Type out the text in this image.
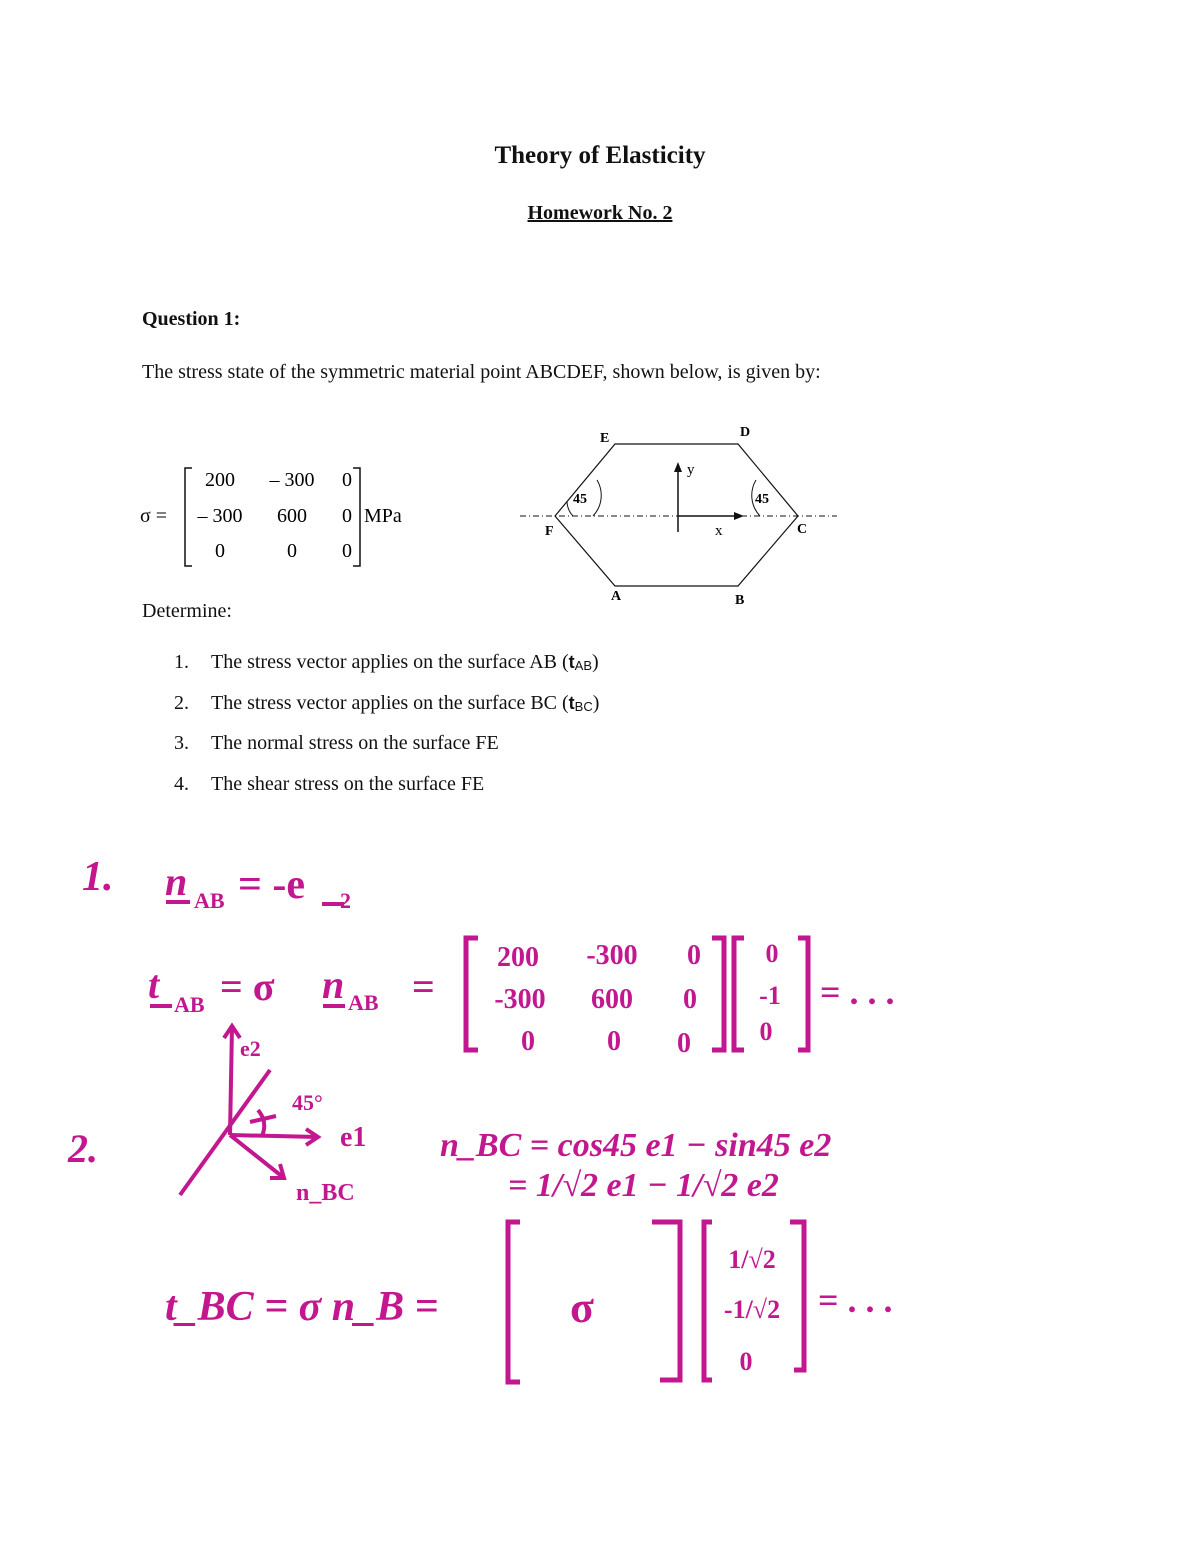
Theory of Elasticity
Homework No. 2
Question 1:
The stress state of the symmetric material point ABCDEF, shown below, is given by:
σ =
200 – 300 0
– 300 600 0
0	0 0
MPa
y
x
45	45
E	D
F	C
A	B
Determine:
1.	The stress vector applies on the surface AB $(t_{AB})$
2.	The stress vector applies on the surface BC $(t_{BC})$
3.	The normal stress on the surface FE
4.	The shear stress on the surface FE
1. n AB = -e 2
t AB = σ n AB =
200 -300 0
-300 600 0
0	0 0
0
-1
0
= . . .
2.
e2
45°
e1
n_BC
n_BC = cos45 e1 − sin45 e2
= 1/√2 e1 − 1/√2 e2
t_BC = σ n_B =	σ
1/√2
-1/√2
0
= . . .
